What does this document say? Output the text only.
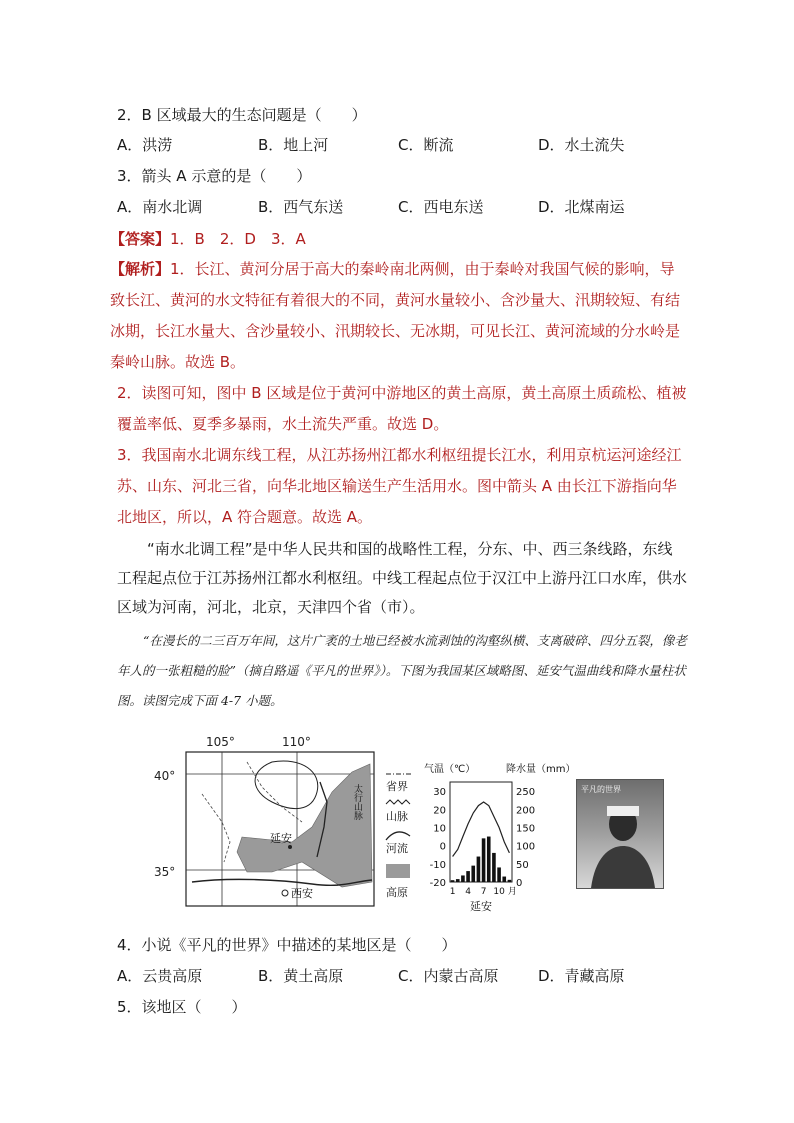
2．B 区域最大的生态问题是（　　）
A．洪涝	B．地上河	C．断流	D．水土流失
3．箭头 A 示意的是（　　）
A．南水北调	B．西气东送	C．西电东送	D．北煤南运
【答案】1．B　2．D　3．A
【解析】1．长江、黄河分居于高大的秦岭南北两侧，由于秦岭对我国气候的影响，导致长江、黄河的水文特征有着很大的不同，黄河水量较小、含沙量大、汛期较短、有结冰期，长江水量大、含沙量较小、汛期较长、无冰期，可见长江、黄河流域的分水岭是秦岭山脉。故选 B。
2．读图可知，图中 B 区域是位于黄河中游地区的黄土高原，黄土高原土质疏松、植被覆盖率低、夏季多暴雨，水土流失严重。故选 D。
3．我国南水北调东线工程，从江苏扬州江都水利枢纽提长江水，利用京杭运河途经江苏、山东、河北三省，向华北地区输送生产生活用水。图中箭头 A 由长江下游指向华北地区，所以，A 符合题意。故选 A。
“南水北调工程”是中华人民共和国的战略性工程，分东、中、西三条线路，东线工程起点位于江苏扬州江都水利枢纽。中线工程起点位于汉江中上游丹江口水库，供水区域为河南，河北，北京，天津四个省（市）。
“在漫长的二三百万年间，这片广袤的土地已经被水流剥蚀的沟壑纵横、支离破碎、四分五裂，像老年人的一张粗糙的脸”（摘自路遥《平凡的世界》）。下图为我国某区域略图、延安气温曲线和降水量柱状图。读图完成下面 4-7 小题。
105°	110°
40°
35°
延安
西安
太行山脉 省界
山脉
河流
高原
气温（℃）	降水量（mm）
30
20
10
0
-10
-20
250
200
150
100
50
0
1 4 7 10 月
延安
平凡的世界
4．小说《平凡的世界》中描述的某地区是（　　）
A．云贵高原	B．黄土高原	C．内蒙古高原	D．青藏高原
5．该地区（　　）
